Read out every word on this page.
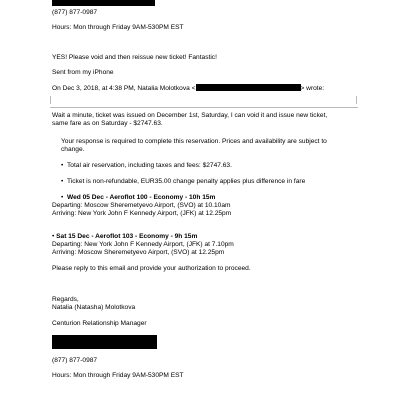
(877) 877-0987
Hours: Mon through Friday 9AM-530PM EST
YES! Please void and then reissue new ticket! Fantastic!
Sent from my iPhone
On Dec 3, 2018, at 4:38 PM, Natalia Molotkova <	> wrote:
Wait a minute, ticket was issued on December 1st, Saturday, I can void it and issue new ticket,
same fare as on Saturday - $2747.63.
Your response is required to complete this reservation. Prices and availability are subject to
change.
•  Total air reservation, including taxes and fees: $2747.63.
•  Ticket is non-refundable, EUR35.00 change penalty applies plus difference in fare
•  Wed 05 Dec - Aeroflot 100 - Economy - 10h 15m
Departing: Moscow Sheremetyevo Airport, (SVO) at 10.10am
Arriving: New York John F Kennedy Airport, (JFK) at 12.25pm
• Sat 15 Dec - Aeroflot 103 - Economy - 9h 15m
Departing: New York John F Kennedy Airport, (JFK) at 7.10pm
Arriving: Moscow Sheremetyevo Airport, (SVO) at 12.25pm
Please reply to this email and provide your authorization to proceed.
Regards,
Natalia (Natasha) Molotkova
Centurion Relationship Manager
(877) 877-0987
Hours: Mon through Friday 9AM-530PM EST
